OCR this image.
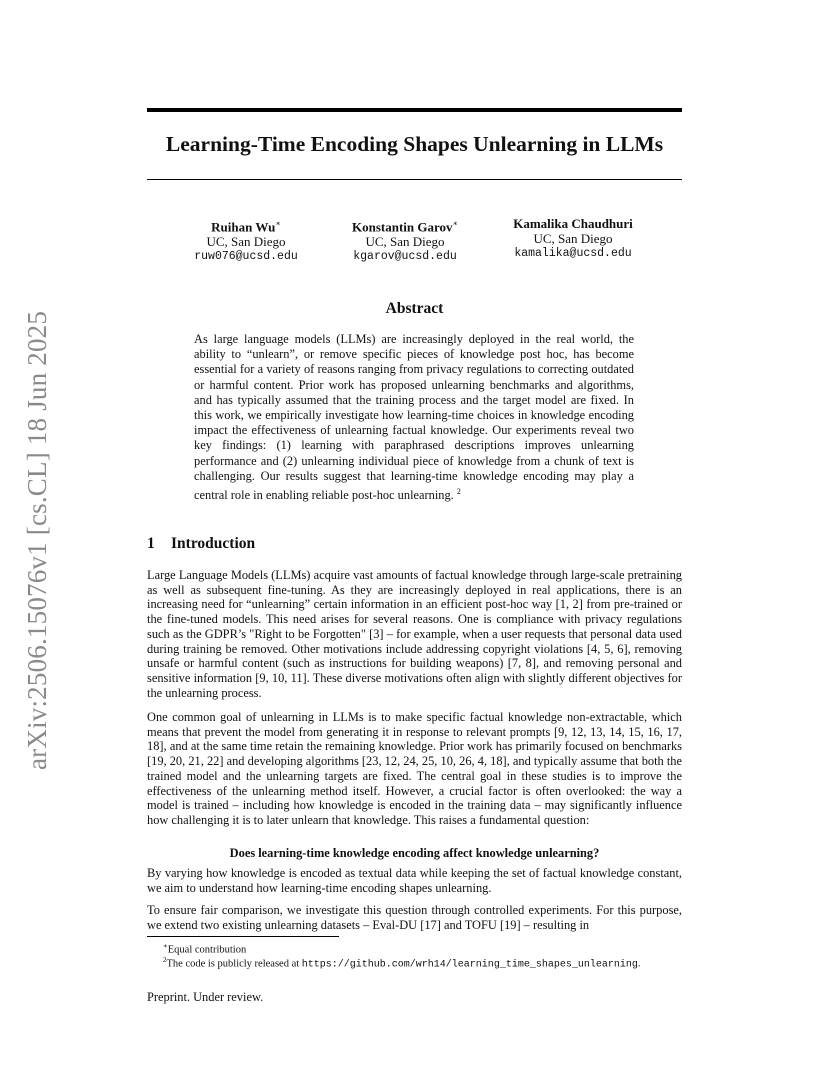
arXiv:2506.15076v1 [cs.CL] 18 Jun 2025
Learning-Time Encoding Shapes Unlearning in LLMs
Ruihan Wu∗
UC, San Diego
ruw076@ucsd.edu
Konstantin Garov∗
UC, San Diego
kgarov@ucsd.edu
Kamalika Chaudhuri
UC, San Diego
kamalika@ucsd.edu
Abstract

As large language models (LLMs) are increasingly deployed in the real world, the ability to “unlearn”, or remove specific pieces of knowledge post hoc, has become essential for a variety of reasons ranging from privacy regulations to correcting outdated or harmful content. Prior work has proposed unlearning benchmarks and algorithms, and has typically assumed that the training process and the target model are fixed. In this work, we empirically investigate how learning-time choices in knowledge encoding impact the effectiveness of unlearning factual knowledge. Our experiments reveal two key findings: (1) learning with paraphrased descriptions improves unlearning performance and (2) unlearning individual piece of knowledge from a chunk of text is challenging. Our results suggest that learning-time knowledge encoding may play a central role in enabling reliable post-hoc unlearning. $^2$

1 Introduction

Large Language Models (LLMs) acquire vast amounts of factual knowledge through large-scale pretraining as well as subsequent fine-tuning. As they are increasingly deployed in real applications, there is an increasing need for “unlearning” certain information in an efficient post-hoc way [1, 2] from pre-trained or the fine-tuned models. This need arises for several reasons. One is compliance with privacy regulations such as the GDPR’s "Right to be Forgotten" [3] – for example, when a user requests that personal data used during training be removed. Other motivations include addressing copyright violations [4, 5, 6], removing unsafe or harmful content (such as instructions for building weapons) [7, 8], and removing personal and sensitive information [9, 10, 11]. These diverse motivations often align with slightly different objectives for the unlearning process.

One common goal of unlearning in LLMs is to make specific factual knowledge non-extractable, which means that prevent the model from generating it in response to relevant prompts [9, 12, 13, 14, 15, 16, 17, 18], and at the same time retain the remaining knowledge. Prior work has primarily focused on benchmarks [19, 20, 21, 22] and developing algorithms [23, 12, 24, 25, 10, 26, 4, 18], and typically assume that both the trained model and the unlearning targets are fixed. The central goal in these studies is to improve the effectiveness of the unlearning method itself. However, a crucial factor is often overlooked: the way a model is trained – including how knowledge is encoded in the training data – may significantly influence how challenging it is to later unlearn that knowledge. This raises a fundamental question:

Does learning-time knowledge encoding affect knowledge unlearning?

By varying how knowledge is encoded as textual data while keeping the set of factual knowledge constant, we aim to understand how learning-time encoding shapes unlearning.

To ensure fair comparison, we investigate this question through controlled experiments. For this purpose, we extend two existing unlearning datasets – Eval-DU [17] and TOFU [19] – resulting in

∗Equal contribution
$^2$The code is publicly released at https://github.com/wrh14/learning_time_shapes_unlearning.
Preprint. Under review.
